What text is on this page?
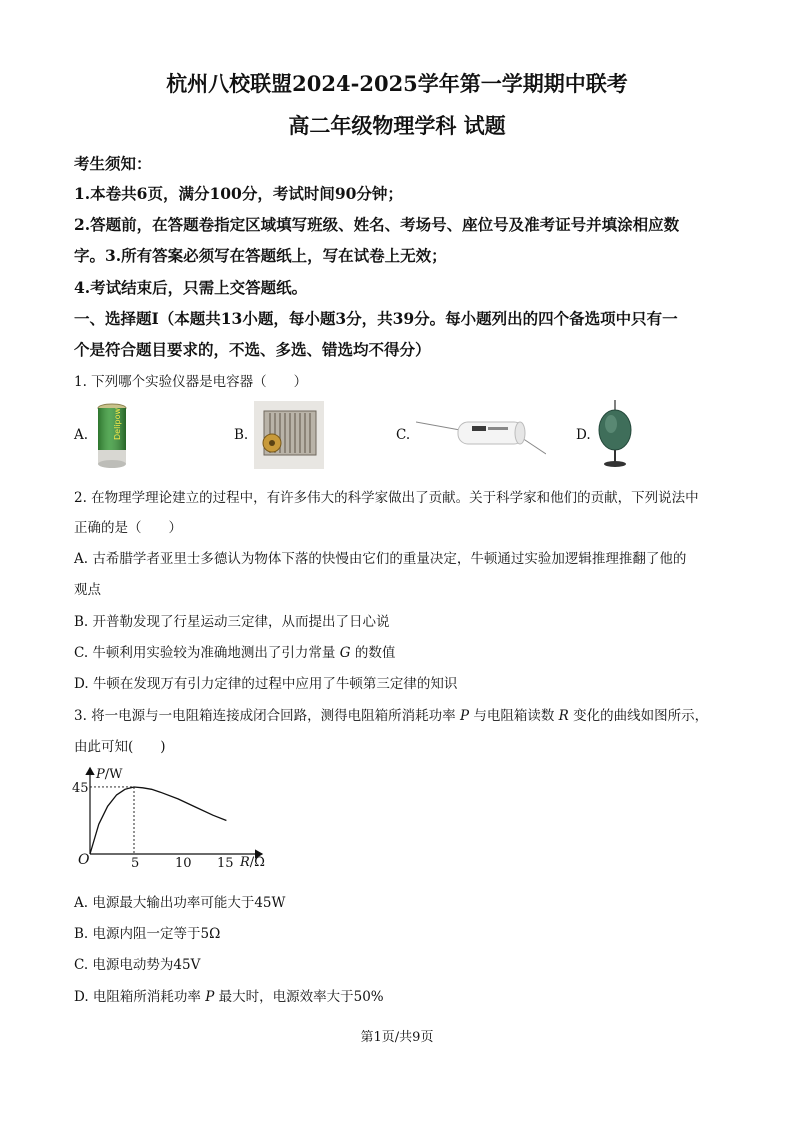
杭州八校联盟2024-2025学年第一学期期中联考
高二年级物理学科 试题
考生须知：
1.本卷共6页，满分100分，考试时间90分钟；
2.答题前，在答题卷指定区域填写班级、姓名、考场号、座位号及准考证号并填涂相应数
字。3.所有答案必须写在答题纸上，写在试卷上无效；
4.考试结束后，只需上交答题纸。
一、选择题Ⅰ（本题共13小题，每小题3分，共39分。每小题列出的四个备选项中只有一
个是符合题目要求的，不选、多选、错选均不得分）
1. 下列哪个实验仪器是电容器（　　）
A.	Delipow	B.	C.	D.
2. 在物理学理论建立的过程中，有许多伟大的科学家做出了贡献。关于科学家和他们的贡献，下列说法中
正确的是（　　）
A. 古希腊学者亚里士多德认为物体下落的快慢由它们的重量决定，牛顿通过实验加逻辑推理推翻了他的
观点
B. 开普勒发现了行星运动三定律，从而提出了日心说
C. 牛顿利用实验较为准确地测出了引力常量 G 的数值
D. 牛顿在发现万有引力定律的过程中应用了牛顿第三定律的知识
3. 将一电源与一电阻箱连接成闭合回路，测得电阻箱所消耗功率 P 与电阻箱读数 R 变化的曲线如图所示，
由此可知(　　)
P/W
R/Ω
O
45
5	10 15
A. 电源最大输出功率可能大于45W
B. 电源内阻一定等于5Ω
C. 电源电动势为45V
D. 电阻箱所消耗功率 P 最大时，电源效率大于50%
第1页/共9页
